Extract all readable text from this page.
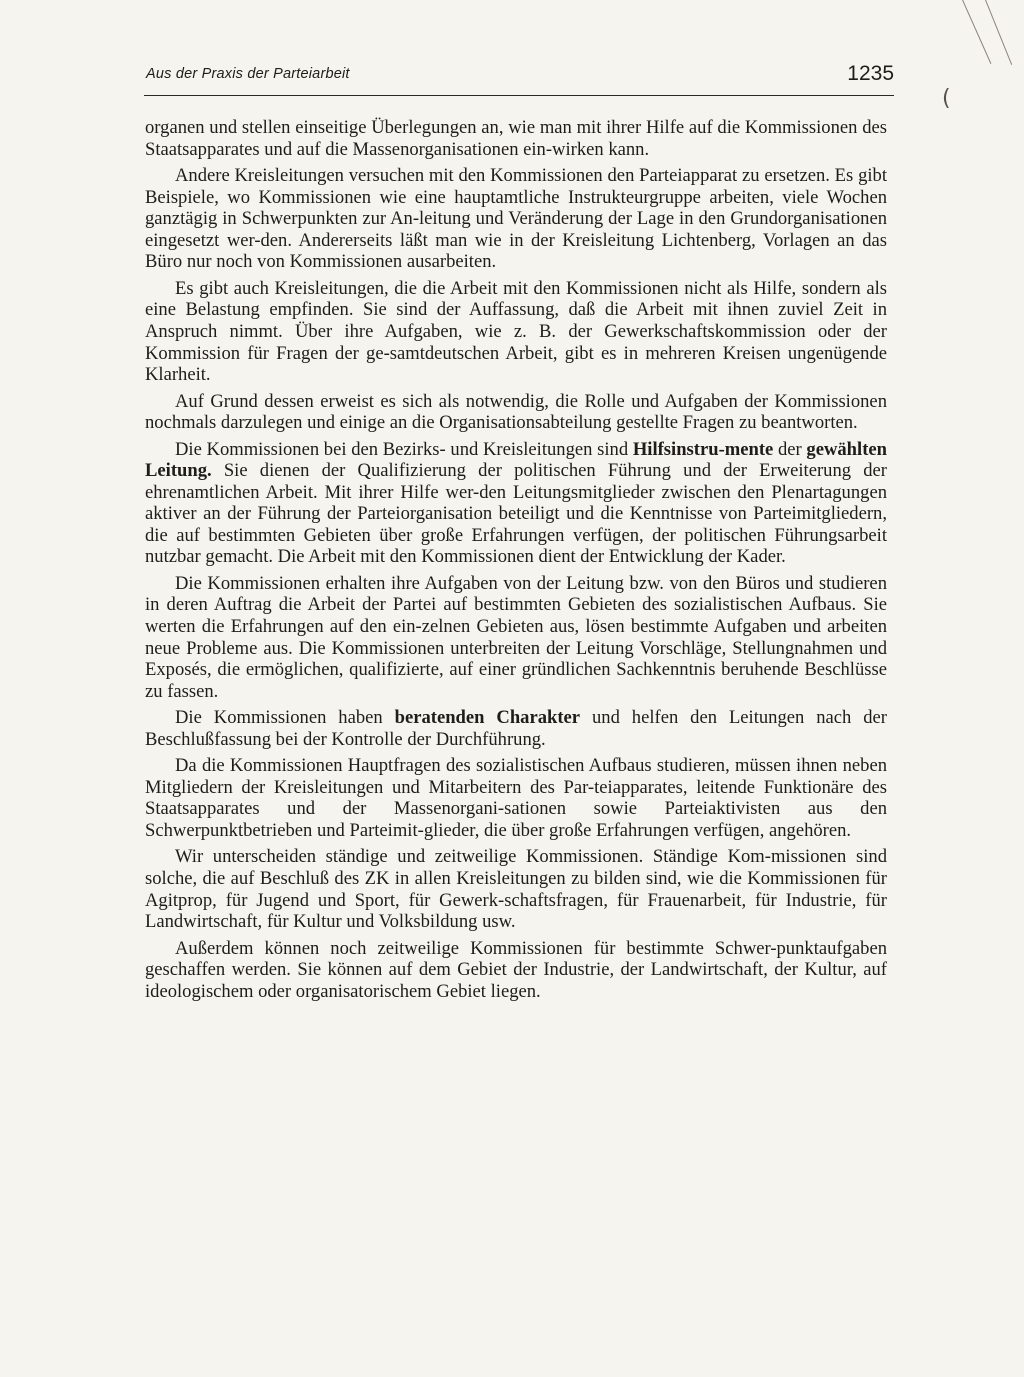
Aus der Praxis der Parteiarbeit	1235
(

organen und stellen einseitige Überlegungen an, wie man mit ihrer Hilfe auf die Kommissionen des Staatsapparates und auf die Massenorganisationen ein-wirken kann.

Andere Kreisleitungen versuchen mit den Kommissionen den Parteiapparat zu ersetzen. Es gibt Beispiele, wo Kommissionen wie eine hauptamtliche Instrukteurgruppe arbeiten, viele Wochen ganztägig in Schwerpunkten zur An-leitung und Veränderung der Lage in den Grundorganisationen eingesetzt wer-den. Andererseits läßt man wie in der Kreisleitung Lichtenberg, Vorlagen an das Büro nur noch von Kommissionen ausarbeiten.

Es gibt auch Kreisleitungen, die die Arbeit mit den Kommissionen nicht als Hilfe, sondern als eine Belastung empfinden. Sie sind der Auffassung, daß die Arbeit mit ihnen zuviel Zeit in Anspruch nimmt. Über ihre Aufgaben, wie z. B. der Gewerkschaftskommission oder der Kommission für Fragen der ge-samtdeutschen Arbeit, gibt es in mehreren Kreisen ungenügende Klarheit.

Auf Grund dessen erweist es sich als notwendig, die Rolle und Aufgaben der Kommissionen nochmals darzulegen und einige an die Organisationsabteilung gestellte Fragen zu beantworten.

Die Kommissionen bei den Bezirks- und Kreisleitungen sind Hilfsinstru-mente der gewählten Leitung. Sie dienen der Qualifizierung der politischen Führung und der Erweiterung der ehrenamtlichen Arbeit. Mit ihrer Hilfe wer-den Leitungsmitglieder zwischen den Plenartagungen aktiver an der Führung der Parteiorganisation beteiligt und die Kenntnisse von Parteimitgliedern, die auf bestimmten Gebieten über große Erfahrungen verfügen, der politischen Führungsarbeit nutzbar gemacht. Die Arbeit mit den Kommissionen dient der Entwicklung der Kader.

Die Kommissionen erhalten ihre Aufgaben von der Leitung bzw. von den Büros und studieren in deren Auftrag die Arbeit der Partei auf bestimmten Gebieten des sozialistischen Aufbaus. Sie werten die Erfahrungen auf den ein-zelnen Gebieten aus, lösen bestimmte Aufgaben und arbeiten neue Probleme aus. Die Kommissionen unterbreiten der Leitung Vorschläge, Stellungnahmen und Exposés, die ermöglichen, qualifizierte, auf einer gründlichen Sachkenntnis beruhende Beschlüsse zu fassen.

Die Kommissionen haben beratenden Charakter und helfen den Leitungen nach der Beschlußfassung bei der Kontrolle der Durchführung.

Da die Kommissionen Hauptfragen des sozialistischen Aufbaus studieren, müssen ihnen neben Mitgliedern der Kreisleitungen und Mitarbeitern des Par-teiapparates, leitende Funktionäre des Staatsapparates und der Massenorgani-sationen sowie Parteiaktivisten aus den Schwerpunktbetrieben und Parteimit-glieder, die über große Erfahrungen verfügen, angehören.

Wir unterscheiden ständige und zeitweilige Kommissionen. Ständige Kom-missionen sind solche, die auf Beschluß des ZK in allen Kreisleitungen zu bilden sind, wie die Kommissionen für Agitprop, für Jugend und Sport, für Gewerk-schaftsfragen, für Frauenarbeit, für Industrie, für Landwirtschaft, für Kultur und Volksbildung usw.

Außerdem können noch zeitweilige Kommissionen für bestimmte Schwer-punktaufgaben geschaffen werden. Sie können auf dem Gebiet der Industrie, der Landwirtschaft, der Kultur, auf ideologischem oder organisatorischem Gebiet liegen.
